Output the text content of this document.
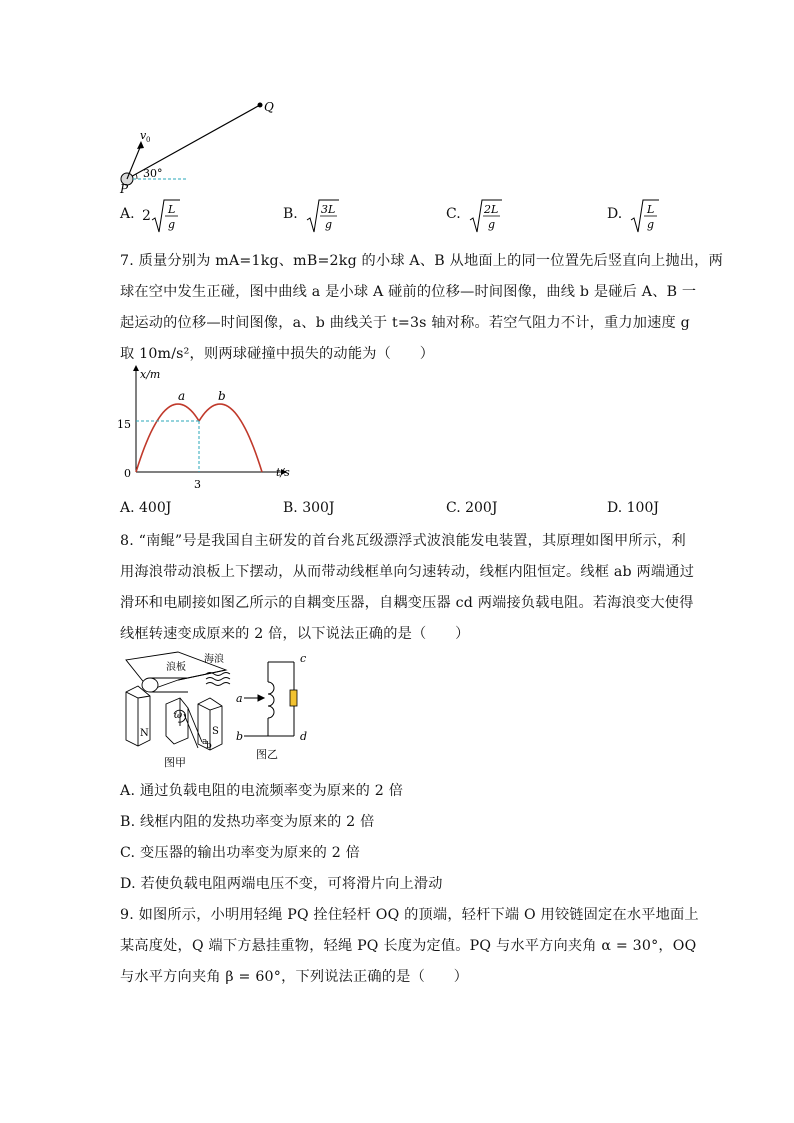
Q
P
v 0
30°
A. 2 L
g
B. 3L
g
C. 2L
g
D. L
g
7. 质量分别为 mA=1kg、mB=2kg 的小球 A、B 从地面上的同一位置先后竖直向上抛出，两
球在空中发生正碰，图中曲线 a 是小球 A 碰前的位移—时间图像，曲线 b 是碰后 A、B 一
起运动的位移—时间图像，a、b 曲线关于 t=3s 轴对称。若空气阻力不计，重力加速度 g
取 10m/s²，则两球碰撞中损失的动能为（　　）
x/m
t/s
0
3
15
a	b
A. 400J	B. 300J	C. 200J	D. 100J
8. “南鲲”号是我国自主研发的首台兆瓦级漂浮式波浪能发电装置，其原理如图甲所示，利
用海浪带动浪板上下摆动，从而带动线框单向匀速转动，线框内阻恒定。线框 ab 两端通过
滑环和电刷接如图乙所示的自耦变压器，自耦变压器 cd 两端接负载电阻。若海浪变大使得
线框转速变成原来的 2 倍，以下说法正确的是（　　）
海浪
浪板
N	S
ω
b
a
图甲
c
a
b	d
图乙
A. 通过负载电阻的电流频率变为原来的 2 倍
B. 线框内阻的发热功率变为原来的 2 倍
C. 变压器的输出功率变为原来的 2 倍
D. 若使负载电阻两端电压不变，可将滑片向上滑动
9. 如图所示，小明用轻绳 PQ 拴住轻杆 OQ 的顶端，轻杆下端 O 用铰链固定在水平地面上
某高度处，Q 端下方悬挂重物，轻绳 PQ 长度为定值。PQ 与水平方向夹角 α = 30°，OQ
与水平方向夹角 β = 60°，下列说法正确的是（　　）
